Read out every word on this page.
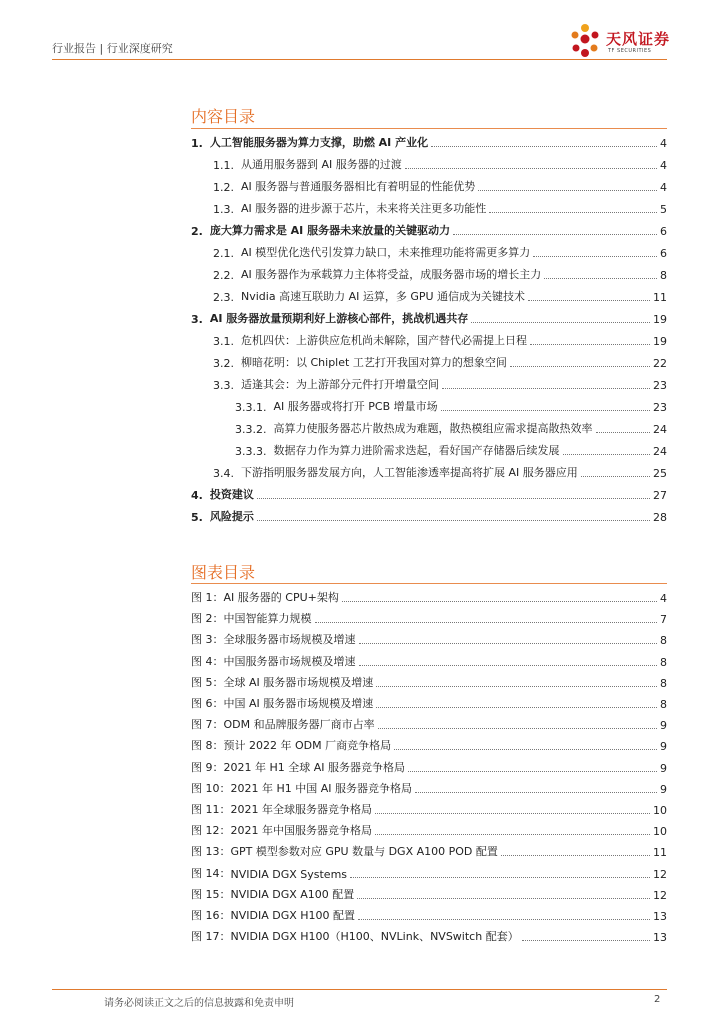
行业报告 | 行业深度研究
天风证券
TF SECURITIES
内容目录
1. 人工智能服务器为算力支撑，助燃 AI 产业化	4
1.1. 从通用服务器到 AI 服务器的过渡	4
1.2. AI 服务器与普通服务器相比有着明显的性能优势	4
1.3. AI 服务器的进步源于芯片，未来将关注更多功能性	5
2. 庞大算力需求是 AI 服务器未来放量的关键驱动力	6
2.1. AI 模型优化迭代引发算力缺口，未来推理功能将需更多算力	6
2.2. AI 服务器作为承载算力主体将受益，成服务器市场的增长主力	8
2.3. Nvidia 高速互联助力 AI 运算，多 GPU 通信成为关键技术	11
3. AI 服务器放量预期利好上游核心部件，挑战机遇共存	19
3.1. 危机四伏：上游供应危机尚未解除，国产替代必需提上日程	19
3.2. 柳暗花明：以 Chiplet 工艺打开我国对算力的想象空间	22
3.3. 适逢其会：为上游部分元件打开增量空间	23
3.3.1. AI 服务器或将打开 PCB 增量市场	23
3.3.2. 高算力使服务器芯片散热成为难题，散热模组应需求提高散热效率	24
3.3.3. 数据存力作为算力进阶需求迭起，看好国产存储器后续发展	24
3.4. 下游指明服务器发展方向，人工智能渗透率提高将扩展 AI 服务器应用	25
4. 投资建议	27
5. 风险提示	28
图表目录
图 1： AI 服务器的 CPU+架构	4
图 2： 中国智能算力规模	7
图 3： 全球服务器市场规模及增速	8
图 4： 中国服务器市场规模及增速	8
图 5： 全球 AI 服务器市场规模及增速	8
图 6： 中国 AI 服务器市场规模及增速	8
图 7： ODM 和品牌服务器厂商市占率	9
图 8： 预计 2022 年 ODM 厂商竞争格局	9
图 9： 2021 年 H1 全球 AI 服务器竞争格局	9
图 10： 2021 年 H1 中国 AI 服务器竞争格局	9
图 11： 2021 年全球服务器竞争格局	10
图 12： 2021 年中国服务器竞争格局	10
图 13： GPT 模型参数对应 GPU 数量与 DGX A100 POD 配置	11
图 14： NVIDIA DGX Systems	12
图 15： NVIDIA DGX A100 配置	12
图 16： NVIDIA DGX H100 配置	13
图 17： NVIDIA DGX H100（H100、NVLink、NVSwitch 配套）	13
请务必阅读正文之后的信息披露和免责申明	2
